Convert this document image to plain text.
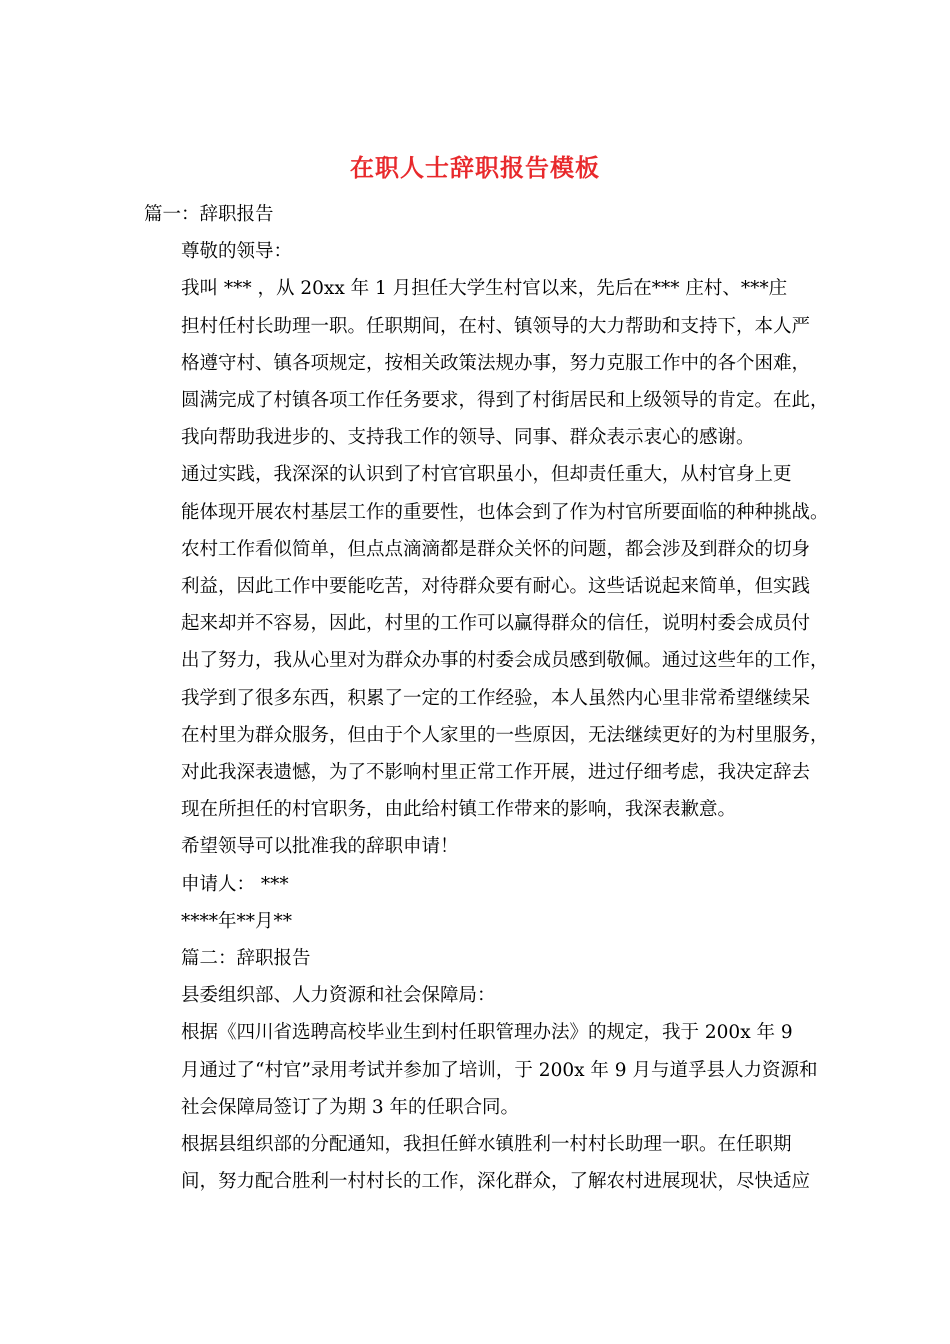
在职人士辞职报告模板

篇一：辞职报告

尊敬的领导：

我叫 *** ，从 20xx 年 1 月担任大学生村官以来，先后在*** 庄村、***庄
担村任村长助理一职。任职期间，在村、镇领导的大力帮助和支持下，本人严
格遵守村、镇各项规定，按相关政策法规办事，努力克服工作中的各个困难，
圆满完成了村镇各项工作任务要求，得到了村街居民和上级领导的肯定。在此，
我向帮助我进步的、支持我工作的领导、同事、群众表示衷心的感谢。

通过实践，我深深的认识到了村官官职虽小，但却责任重大，从村官身上更
能体现开展农村基层工作的重要性，也体会到了作为村官所要面临的种种挑战。
农村工作看似简单，但点点滴滴都是群众关怀的问题，都会涉及到群众的切身
利益，因此工作中要能吃苦，对待群众要有耐心。这些话说起来简单，但实践
起来却并不容易，因此，村里的工作可以赢得群众的信任，说明村委会成员付
出了努力，我从心里对为群众办事的村委会成员感到敬佩。通过这些年的工作，
我学到了很多东西，积累了一定的工作经验，本人虽然内心里非常希望继续呆
在村里为群众服务，但由于个人家里的一些原因，无法继续更好的为村里服务，
对此我深表遗憾，为了不影响村里正常工作开展，进过仔细考虑，我决定辞去
现在所担任的村官职务，由此给村镇工作带来的影响，我深表歉意。

希望领导可以批准我的辞职申请！

申请人： ***

****年**月**

篇二：辞职报告

县委组织部、人力资源和社会保障局：

根据《四川省选聘高校毕业生到村任职管理办法》的规定，我于 200x 年 9
月通过了“村官”录用考试并参加了培训，于 200x 年 9 月与道孚县人力资源和
社会保障局签订了为期 3 年的任职合同。

根据县组织部的分配通知，我担任鲜水镇胜利一村村长助理一职。在任职期
间，努力配合胜利一村村长的工作，深化群众，了解农村进展现状，尽快适应
